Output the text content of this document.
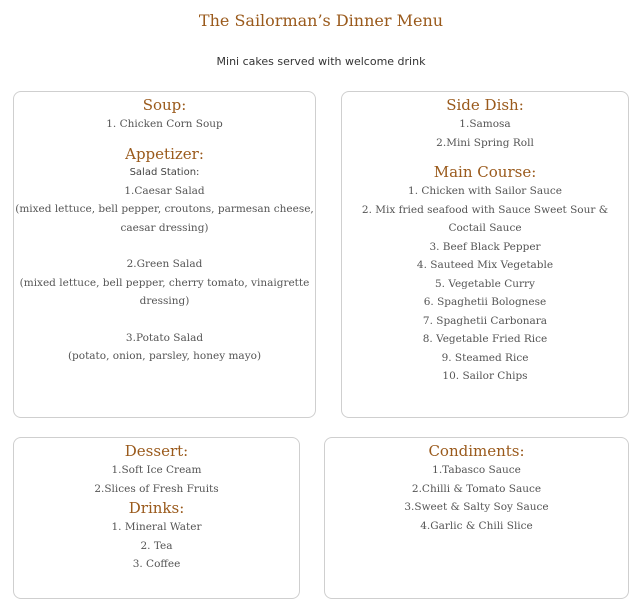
The Sailorman’s Dinner Menu
Mini cakes served with welcome drink
Soup:
1. Chicken Corn Soup
Appetizer:
Salad Station:
1.Caesar Salad
(mixed lettuce, bell pepper, croutons, parmesan cheese, caesar dressing)
2.Green Salad
(mixed lettuce, bell pepper, cherry tomato, vinaigrette dressing)
3.Potato Salad
(potato, onion, parsley, honey mayo)
Side Dish:
1.Samosa
2.Mini Spring Roll
Main Course:
1. Chicken with Sailor Sauce
2. Mix fried seafood with Sauce Sweet Sour & Coctail Sauce
3. Beef Black Pepper
4. Sauteed Mix Vegetable
5. Vegetable Curry
6. Spaghetii Bolognese
7. Spaghetii Carbonara
8. Vegetable Fried Rice
9. Steamed Rice
10. Sailor Chips
Dessert:
1.Soft Ice Cream
2.Slices of Fresh Fruits
Drinks:
1. Mineral Water
2. Tea
3. Coffee
Condiments:
1.Tabasco Sauce
2.Chilli & Tomato Sauce
3.Sweet & Salty Soy Sauce
4.Garlic & Chili Slice
